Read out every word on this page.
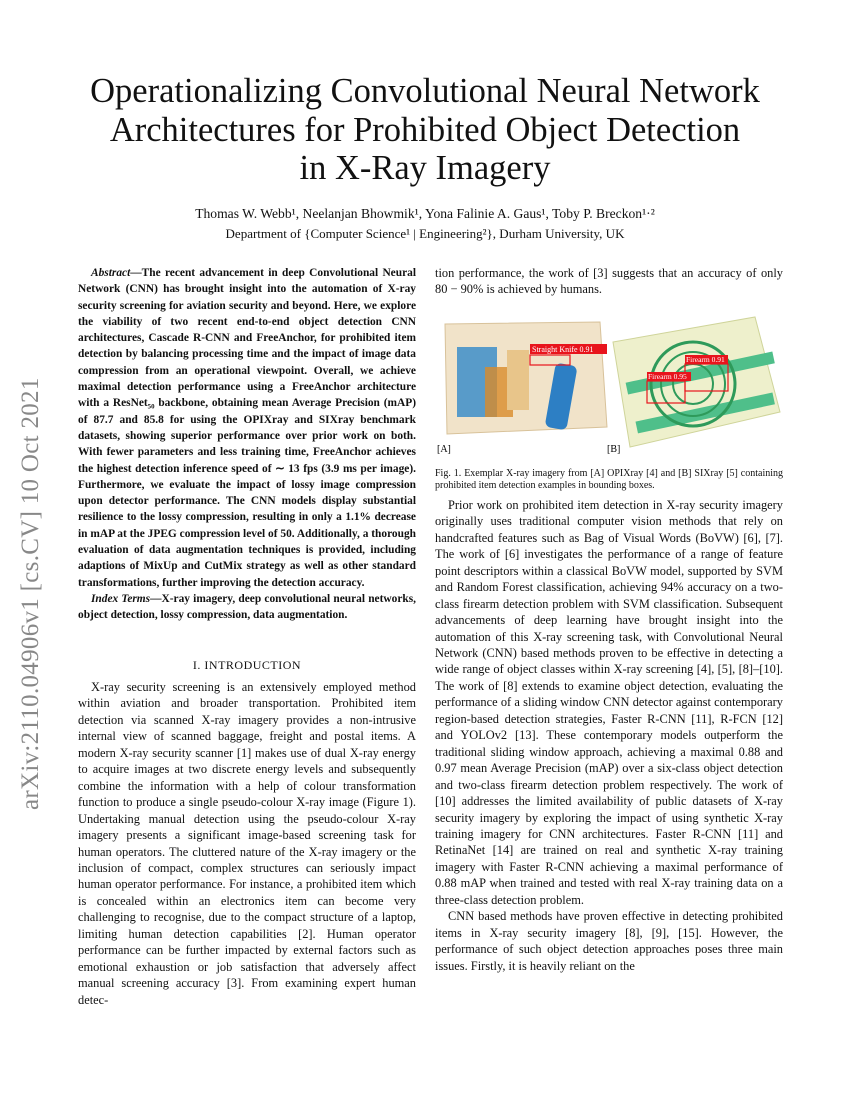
arXiv:2110.04906v1 [cs.CV] 10 Oct 2021
Operationalizing Convolutional Neural Network
Architectures for Prohibited Object Detection
in X-Ray Imagery
Thomas W. Webb¹, Neelanjan Bhowmik¹, Yona Falinie A. Gaus¹, Toby P. Breckon¹·²
Department of {Computer Science¹ | Engineering²}, Durham University, UK

Abstract—The recent advancement in deep Convolutional Neural Network (CNN) has brought insight into the automation of X-ray security screening for aviation security and beyond. Here, we explore the viability of two recent end-to-end object detection CNN architectures, Cascade R-CNN and FreeAnchor, for prohibited item detection by balancing processing time and the impact of image data compression from an operational viewpoint. Overall, we achieve maximal detection performance using a FreeAnchor architecture with a ResNet₅₀ backbone, obtaining mean Average Precision (mAP) of 87.7 and 85.8 for using the OPIXray and SIXray benchmark datasets, showing superior performance over prior work on both. With fewer parameters and less training time, FreeAnchor achieves the highest detection inference speed of ∼ 13 fps (3.9 ms per image). Furthermore, we evaluate the impact of lossy image compression upon detector performance. The CNN models display substantial resilience to the lossy compression, resulting in only a 1.1% decrease in mAP at the JPEG compression level of 50. Additionally, a thorough evaluation of data augmentation techniques is provided, including adaptions of MixUp and CutMix strategy as well as other standard transformations, further improving the detection accuracy.

Index Terms—X-ray imagery, deep convolutional neural networks, object detection, lossy compression, data augmentation.

I. INTRODUCTION

X-ray security screening is an extensively employed method within aviation and broader transportation. Prohibited item detection via scanned X-ray imagery provides a non-intrusive internal view of scanned baggage, freight and postal items. A modern X-ray security scanner [1] makes use of dual X-ray energy to acquire images at two discrete energy levels and subsequently combine the information with a help of colour transformation function to produce a single pseudo-colour X-ray image (Figure 1). Undertaking manual detection using the pseudo-colour X-ray imagery presents a significant image-based screening task for human operators. The cluttered nature of the X-ray imagery or the inclusion of compact, complex structures can seriously impact human operator performance. For instance, a prohibited item which is concealed within an electronics item can become very challenging to recognise, due to the compact structure of a laptop, limiting human detection capabilities [2]. Human operator performance can be further impacted by external factors such as emotional exhaustion or job satisfaction that adversely affect manual screening accuracy [3]. From examining expert human detec-

tion performance, the work of [3] suggests that an accuracy of only 80 − 90% is achieved by humans.

Straight Knife 0.91
[A]
Firearm 0.91
Firearm 0.95
[B]

Fig. 1. Exemplar X-ray imagery from [A] OPIXray [4] and [B] SIXray [5] containing prohibited item detection examples in bounding boxes.

Prior work on prohibited item detection in X-ray security imagery originally uses traditional computer vision methods that rely on handcrafted features such as Bag of Visual Words (BoVW) [6], [7]. The work of [6] investigates the performance of a range of feature point descriptors within a classical BoVW model, supported by SVM and Random Forest classification, achieving 94% accuracy on a two-class firearm detection problem with SVM classification. Subsequent advancements of deep learning have brought insight into the automation of this X-ray screening task, with Convolutional Neural Network (CNN) based methods proven to be effective in detecting a wide range of object classes within X-ray screening [4], [5], [8]–[10]. The work of [8] extends to examine object detection, evaluating the performance of a sliding window CNN detector against contemporary region-based detection strategies, Faster R-CNN [11], R-FCN [12] and YOLOv2 [13]. These contemporary models outperform the traditional sliding window approach, achieving a maximal 0.88 and 0.97 mean Average Precision (mAP) over a six-class object detection and two-class firearm detection problem respectively. The work of [10] addresses the limited availability of public datasets of X-ray security imagery by exploring the impact of using synthetic X-ray training imagery for CNN architectures. Faster R-CNN [11] and RetinaNet [14] are trained on real and synthetic X-ray training imagery with Faster R-CNN achieving a maximal performance of 0.88 mAP when trained and tested with real X-ray training data on a three-class detection problem.

CNN based methods have proven effective in detecting prohibited items in X-ray security imagery [8], [9], [15]. However, the performance of such object detection approaches poses three main issues. Firstly, it is heavily reliant on the
